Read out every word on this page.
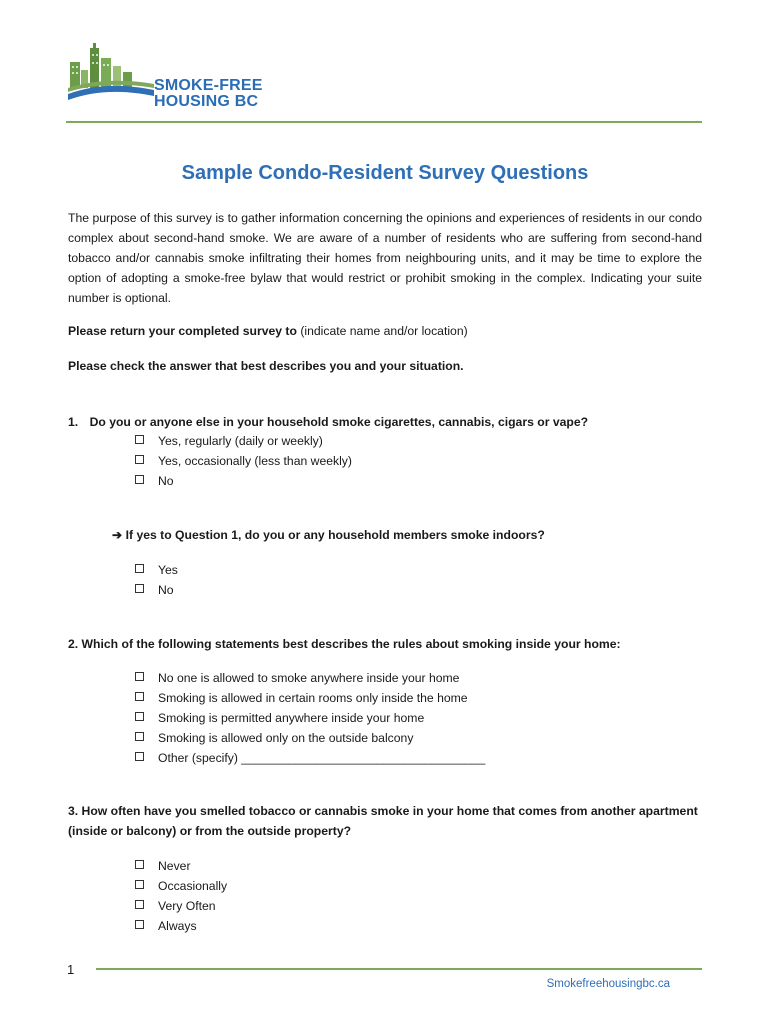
SMOKE-FREE
HOUSING BC
Sample Condo-Resident Survey Questions
The purpose of this survey is to gather information concerning the opinions and experiences of residents in our condo complex about second-hand smoke. We are aware of a number of residents who are suffering from second-hand tobacco and/or cannabis smoke infiltrating their homes from neighbouring units, and it may be time to explore the option of adopting a smoke-free bylaw that would restrict or prohibit smoking in the complex. Indicating your suite number is optional.
Please return your completed survey to (indicate name and/or location)
Please check the answer that best describes you and your situation.
1. Do you or anyone else in your household smoke cigarettes, cannabis, cigars or vape?
Yes, regularly (daily or weekly)
Yes, occasionally (less than weekly)
No
➔ If yes to Question 1, do you or any household members smoke indoors?
Yes
No
2. Which of the following statements best describes the rules about smoking inside your home:
No one is allowed to smoke anywhere inside your home
Smoking is allowed in certain rooms only inside the home
Smoking is permitted anywhere inside your home
Smoking is allowed only on the outside balcony
Other (specify) ____________________________________
3. How often have you smelled tobacco or cannabis smoke in your home that comes from another apartment
(inside or balcony) or from the outside property?
Never
Occasionally
Very Often
Always
1
Smokefreehousingbc.ca
